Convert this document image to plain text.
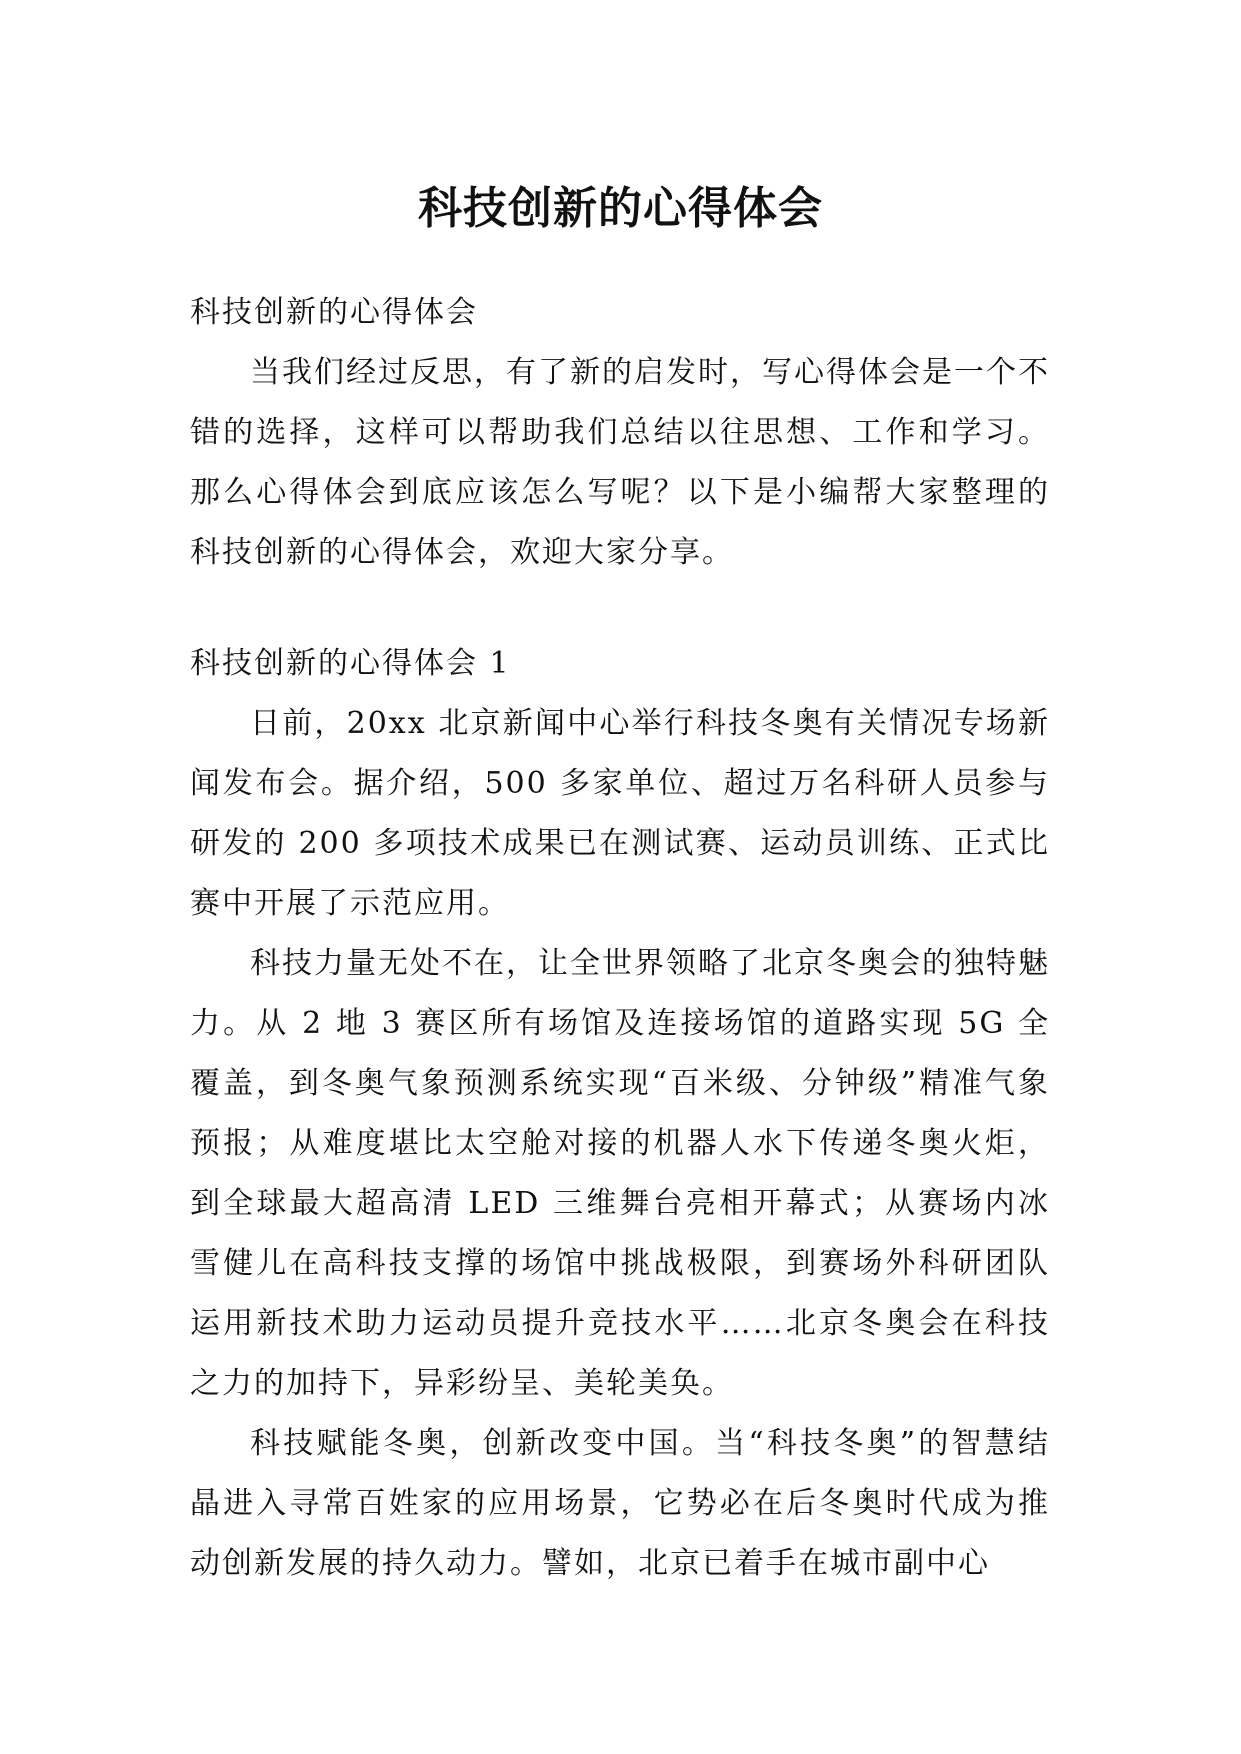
科技创新的心得体会

科技创新的心得体会

当我们经过反思，有了新的启发时，写心得体会是一个不错的选择，这样可以帮助我们总结以往思想、工作和学习。那么心得体会到底应该怎么写呢？以下是小编帮大家整理的科技创新的心得体会，欢迎大家分享。

科技创新的心得体会 1

日前，20xx 北京新闻中心举行科技冬奥有关情况专场新闻发布会。据介绍，500 多家单位、超过万名科研人员参与研发的 200 多项技术成果已在测试赛、运动员训练、正式比赛中开展了示范应用。

科技力量无处不在，让全世界领略了北京冬奥会的独特魅力。从 2 地 3 赛区所有场馆及连接场馆的道路实现 5G 全覆盖，到冬奥气象预测系统实现“百米级、分钟级”精准气象预报；从难度堪比太空舱对接的机器人水下传递冬奥火炬，到全球最大超高清 LED 三维舞台亮相开幕式；从赛场内冰雪健儿在高科技支撑的场馆中挑战极限，到赛场外科研团队运用新技术助力运动员提升竞技水平……北京冬奥会在科技之力的加持下，异彩纷呈、美轮美奂。

科技赋能冬奥，创新改变中国。当“科技冬奥”的智慧结晶进入寻常百姓家的应用场景，它势必在后冬奥时代成为推动创新发展的持久动力。譬如，北京已着手在城市副中心
